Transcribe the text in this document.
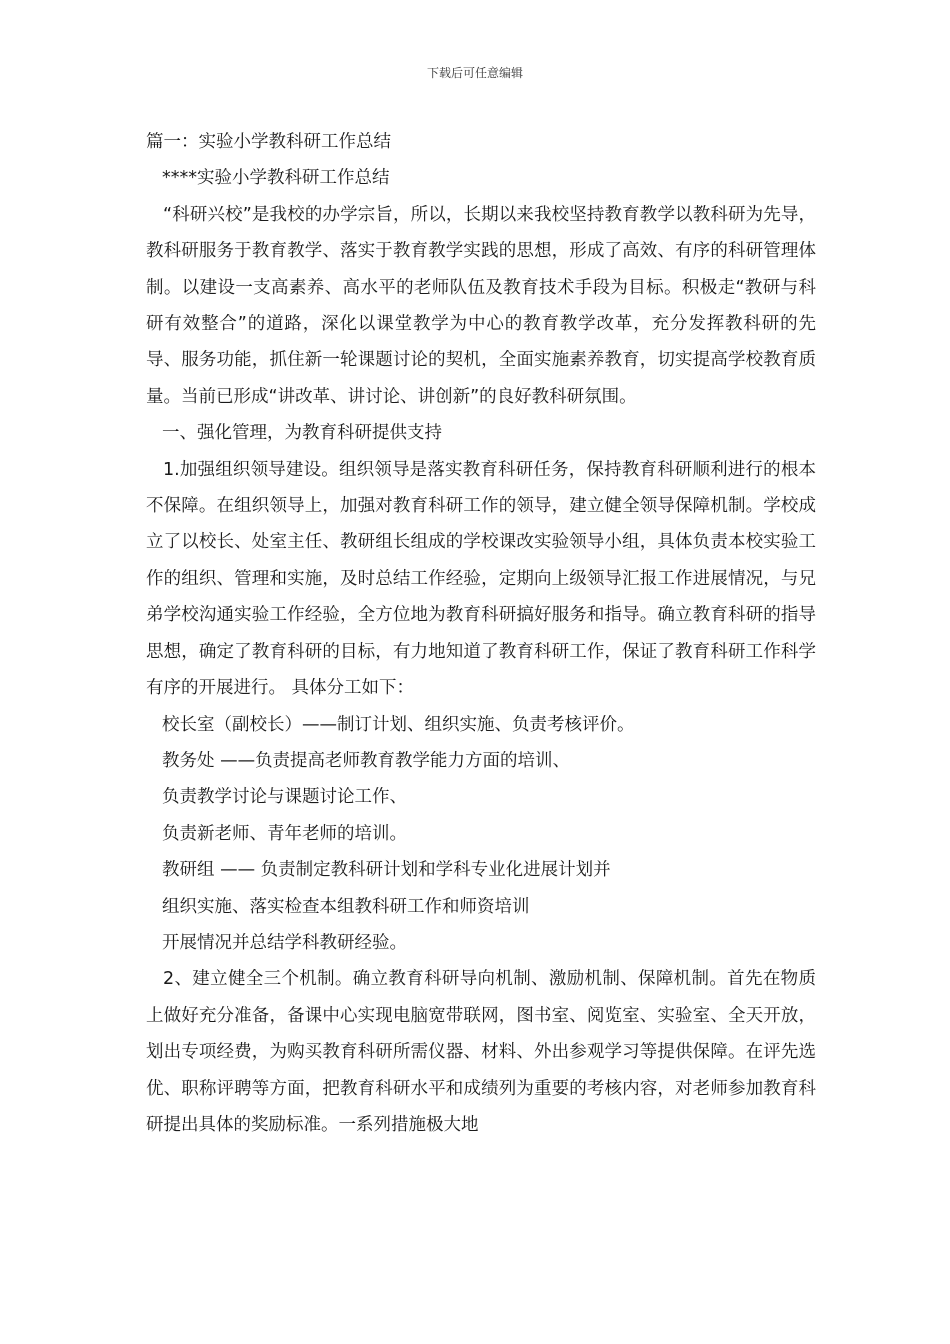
下载后可任意编辑

篇一：实验小学教科研工作总结

****实验小学教科研工作总结

“科研兴校”是我校的办学宗旨，所以，长期以来我校坚持教育教学以教科研为先导，教科研服务于教育教学、落实于教育教学实践的思想，形成了高效、有序的科研管理体制。以建设一支高素养、高水平的老师队伍及教育技术手段为目标。积极走“教研与科研有效整合”的道路，深化以课堂教学为中心的教育教学改革，充分发挥教科研的先导、服务功能，抓住新一轮课题讨论的契机，全面实施素养教育，切实提高学校教育质量。当前已形成“讲改革、讲讨论、讲创新”的良好教科研氛围。

一、强化管理，为教育科研提供支持

1.加强组织领导建设。组织领导是落实教育科研任务，保持教育科研顺利进行的根本不保障。在组织领导上，加强对教育科研工作的领导，建立健全领导保障机制。学校成立了以校长、处室主任、教研组长组成的学校课改实验领导小组，具体负责本校实验工作的组织、管理和实施，及时总结工作经验，定期向上级领导汇报工作进展情况，与兄弟学校沟通实验工作经验，全方位地为教育科研搞好服务和指导。确立教育科研的指导思想，确定了教育科研的目标，有力地知道了教育科研工作，保证了教育科研工作科学有序的开展进行。 具体分工如下：

校长室（副校长）——制订计划、组织实施、负责考核评价。

教务处 ——负责提高老师教育教学能力方面的培训、

负责教学讨论与课题讨论工作、

负责新老师、青年老师的培训。

教研组 —— 负责制定教科研计划和学科专业化进展计划并

组织实施、落实检查本组教科研工作和师资培训

开展情况并总结学科教研经验。

2、建立健全三个机制。确立教育科研导向机制、激励机制、保障机制。首先在物质上做好充分准备，备课中心实现电脑宽带联网，图书室、阅览室、实验室、全天开放，划出专项经费，为购买教育科研所需仪器、材料、外出参观学习等提供保障。在评先选优、职称评聘等方面，把教育科研水平和成绩列为重要的考核内容，对老师参加教育科研提出具体的奖励标准。一系列措施极大地
